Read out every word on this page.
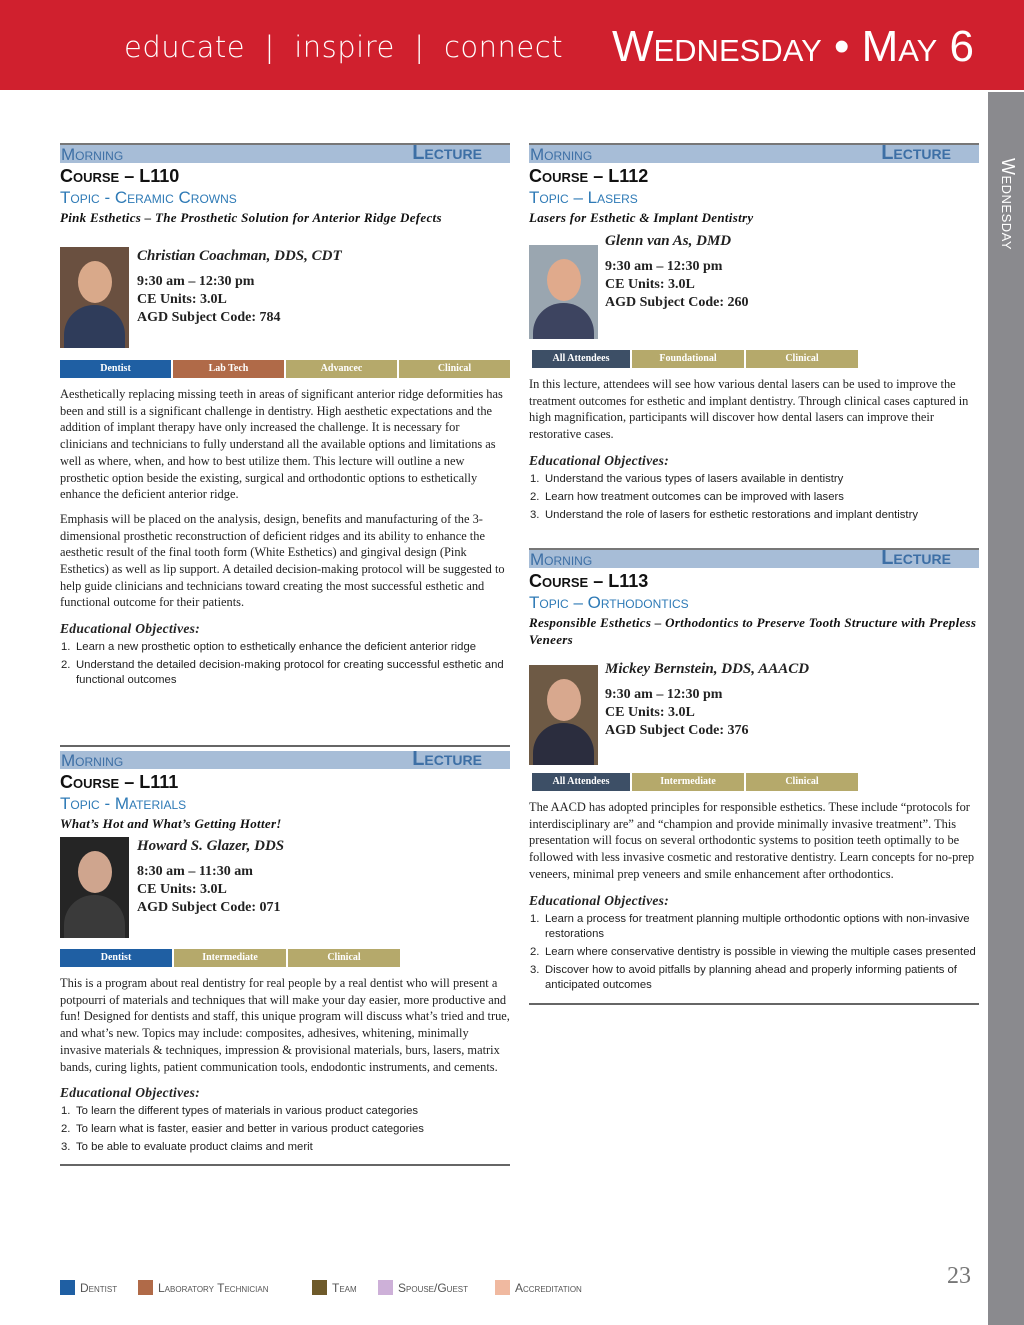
educate  |  inspire  |  connect Wednesday • May 6
Wednesday
Morning	Lecture
Course – L110
Topic - Ceramic Crowns
Pink Esthetics – The Prosthetic Solution for Anterior Ridge Defects
Christian Coachman, DDS, CDT
9:30 am – 12:30 pm
CE Units: 3.0L
AGD Subject Code: 784
Dentist	Lab Tech	Advancec	Clinical
Aesthetically replacing missing teeth in areas of significant anterior ridge deformities has been and still is a significant challenge in dentistry. High aesthetic expectations and the addition of implant therapy have only increased the challenge. It is necessary for clinicians and technicians to fully understand all the available options and limitations as well as where, when, and how to best utilize them. This lecture will outline a new prosthetic option beside the existing, surgical and orthodontic options to esthetically enhance the deficient anterior ridge.
Emphasis will be placed on the analysis, design, benefits and manufacturing of the 3-dimensional prosthetic reconstruction of deficient ridges and its ability to enhance the aesthetic result of the final tooth form (White Esthetics) and gingival design (Pink Esthetics) as well as lip support. A detailed decision-making protocol will be suggested to help guide clinicians and technicians toward creating the most successful esthetic and functional outcome for their patients.
Educational Objectives:
1. Learn a new prosthetic option to esthetically enhance the deficient anterior ridge
2. Understand the detailed decision-making protocol for creating successful esthetic and functional outcomes
Morning	Lecture
Course – L111
Topic - Materials
What’s Hot and What’s Getting Hotter!
Howard S. Glazer, DDS
8:30 am – 11:30 am
CE Units: 3.0L
AGD Subject Code: 071
Dentist	Intermediate	Clinical
This is a program about real dentistry for real people by a real dentist who will present a potpourri of materials and techniques that will make your day easier, more productive and fun! Designed for dentists and staff, this unique program will discuss what’s tried and true, and what’s new. Topics may include: composites, adhesives, whitening, minimally invasive materials & techniques, impression & provisional materials, burs, lasers, matrix bands, curing lights, patient communication tools, endodontic instruments, and cements.
Educational Objectives:
1. To learn the different types of materials in various product categories
2. To learn what is faster, easier and better in various product categories
3. To be able to evaluate product claims and merit
Morning	Lecture
Course – L112
Topic – Lasers
Lasers for Esthetic & Implant Dentistry
Glenn van As, DMD
9:30 am – 12:30 pm
CE Units: 3.0L
AGD Subject Code: 260
All Attendees	Foundational	Clinical
In this lecture, attendees will see how various dental lasers can be used to improve the treatment outcomes for esthetic and implant dentistry. Through clinical cases captured in high magnification, participants will discover how dental lasers can improve their restorative cases.
Educational Objectives:
1. Understand the various types of lasers available in dentistry
2. Learn how treatment outcomes can be improved with lasers
3. Understand the role of lasers for esthetic restorations and implant dentistry
Morning	Lecture
Course – L113
Topic – Orthodontics
Responsible Esthetics – Orthodontics to Preserve Tooth Structure with Prepless Veneers
Mickey Bernstein, DDS, AAACD
9:30 am – 12:30 pm
CE Units: 3.0L
AGD Subject Code: 376
All Attendees	Intermediate	Clinical
The AACD has adopted principles for responsible esthetics. These include “protocols for interdisciplinary are” and “champion and provide minimally invasive treatment”. This presentation will focus on several orthodontic systems to position teeth optimally to be followed with less invasive cosmetic and restorative dentistry. Learn concepts for no-prep veneers, minimal prep veneers and smile enhancement after orthodontics.
Educational Objectives:
1. Learn a process for treatment planning multiple orthodontic options with non-invasive restorations
2. Learn where conservative dentistry is possible in viewing the multiple cases presented
3. Discover how to avoid pitfalls by planning ahead and properly informing patients of anticipated outcomes
Dentist	Laboratory Technician	Team	Spouse/Guest	Accreditation	23
